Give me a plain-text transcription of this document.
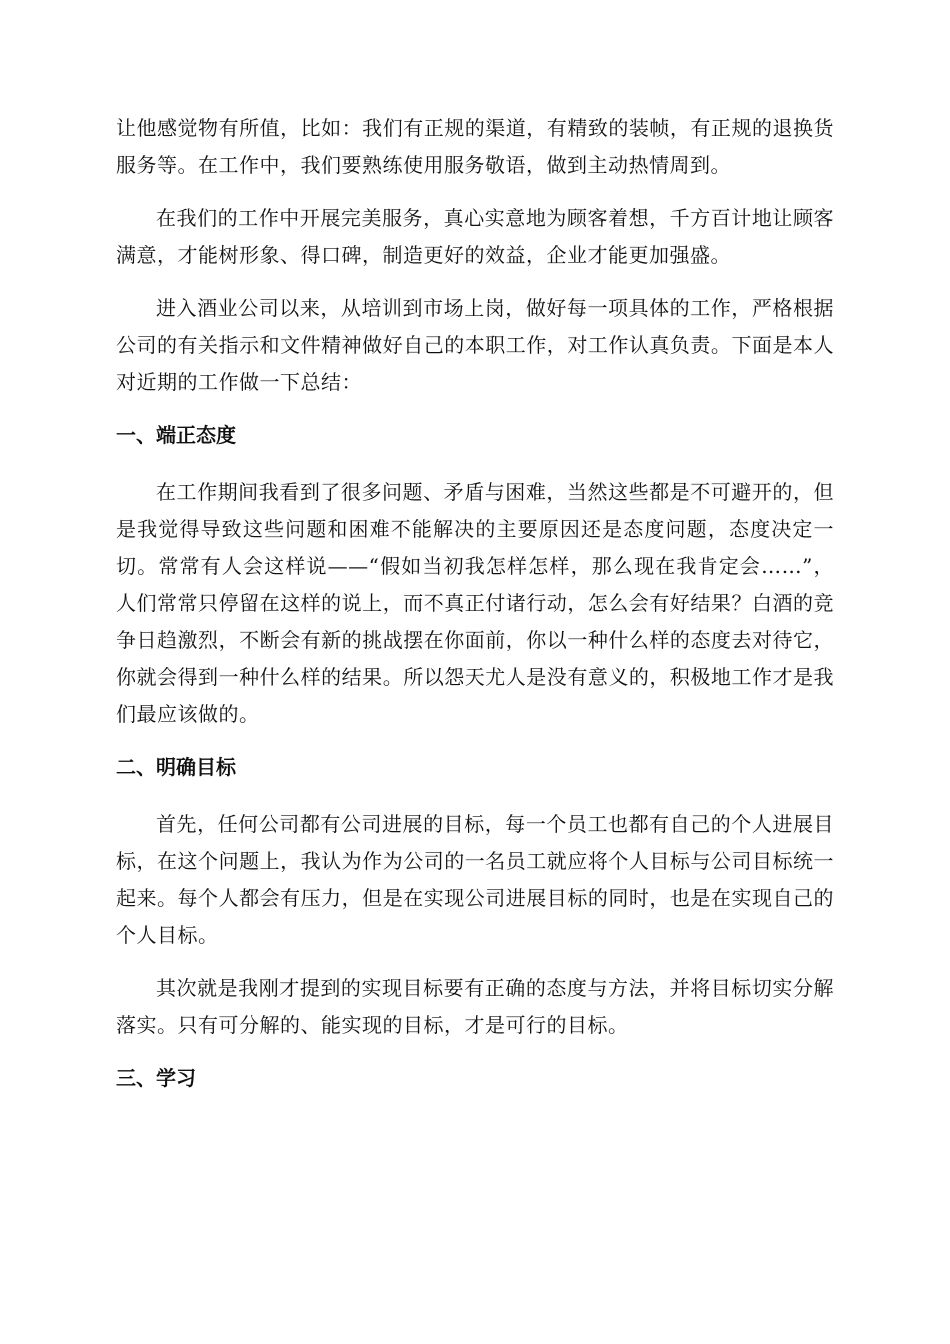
让他感觉物有所值，比如：我们有正规的渠道，有精致的装帧，有正规的退换货服务等。在工作中，我们要熟练使用服务敬语，做到主动热情周到。

在我们的工作中开展完美服务，真心实意地为顾客着想，千方百计地让顾客满意，才能树形象、得口碑，制造更好的效益，企业才能更加强盛。

进入酒业公司以来，从培训到市场上岗，做好每一项具体的工作，严格根据公司的有关指示和文件精神做好自己的本职工作，对工作认真负责。下面是本人对近期的工作做一下总结：

一、端正态度

在工作期间我看到了很多问题、矛盾与困难，当然这些都是不可避开的，但是我觉得导致这些问题和困难不能解决的主要原因还是态度问题，态度决定一切。常常有人会这样说——“假如当初我怎样怎样，那么现在我肯定会……”，人们常常只停留在这样的说上，而不真正付诸行动，怎么会有好结果？白酒的竞争日趋激烈，不断会有新的挑战摆在你面前，你以一种什么样的态度去对待它，你就会得到一种什么样的结果。所以怨天尤人是没有意义的，积极地工作才是我们最应该做的。

二、明确目标

首先，任何公司都有公司进展的目标，每一个员工也都有自己的个人进展目标，在这个问题上，我认为作为公司的一名员工就应将个人目标与公司目标统一起来。每个人都会有压力，但是在实现公司进展目标的同时，也是在实现自己的个人目标。

其次就是我刚才提到的实现目标要有正确的态度与方法，并将目标切实分解落实。只有可分解的、能实现的目标，才是可行的目标。

三、学习
